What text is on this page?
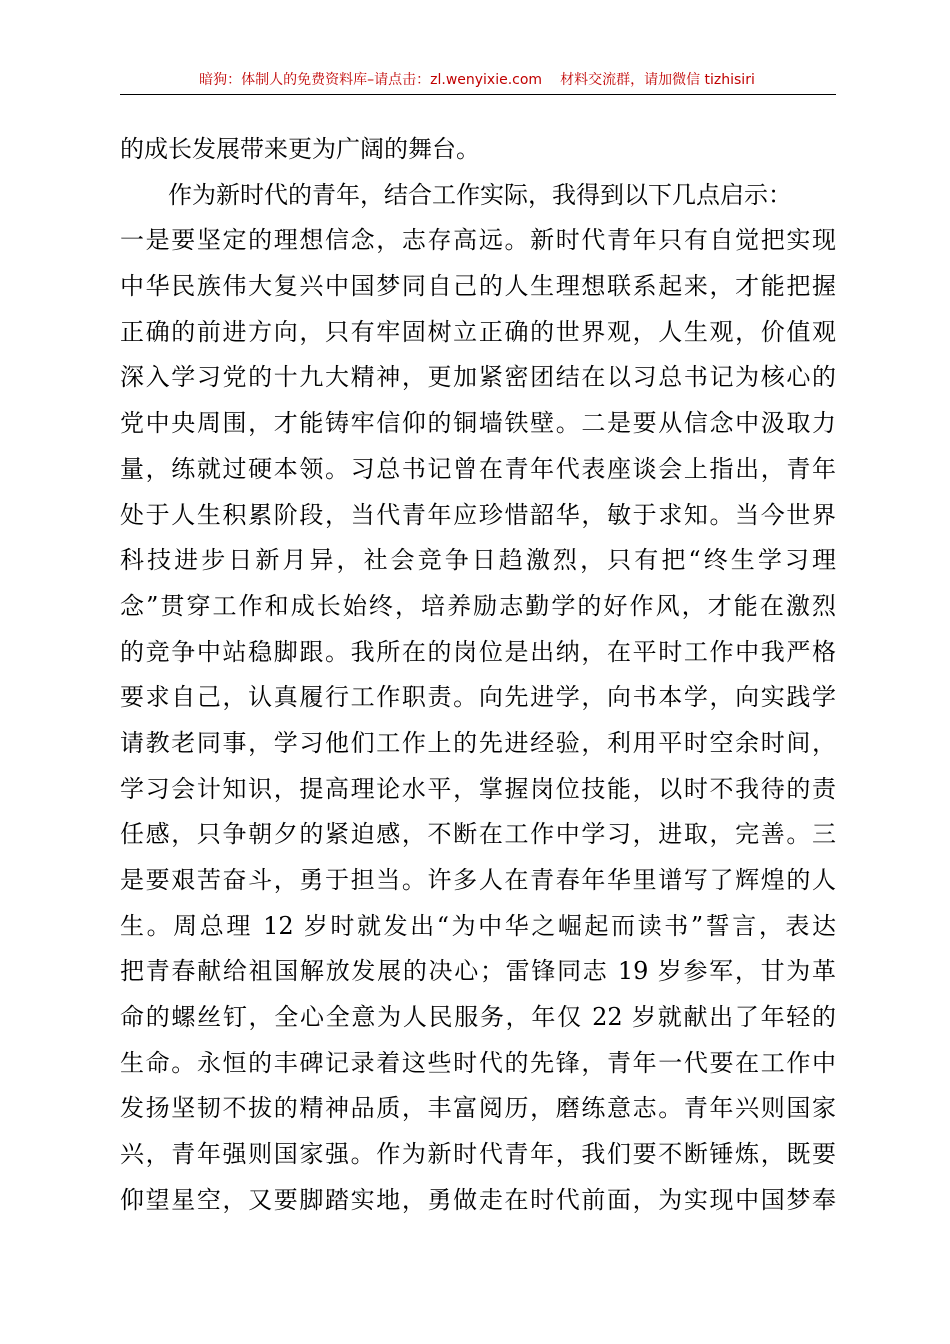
暗狗：体制人的免费资料库–请点击：zl.wenyixie.com 材料交流群，请加微信 tizhisiri
的成长发展带来更为广阔的舞台。
作为新时代的青年，结合工作实际，我得到以下几点启示：
一是要坚定的理想信念，志存高远。新时代青年只有自觉把实现
中华民族伟大复兴中国梦同自己的人生理想联系起来，才能把握
正确的前进方向，只有牢固树立正确的世界观，人生观，价值观
深入学习党的十九大精神，更加紧密团结在以习总书记为核心的
党中央周围，才能铸牢信仰的铜墙铁壁。二是要从信念中汲取力
量，练就过硬本领。习总书记曾在青年代表座谈会上指出，青年
处于人生积累阶段，当代青年应珍惜韶华，敏于求知。当今世界
科技进步日新月异，社会竞争日趋激烈，只有把“终生学习理
念”贯穿工作和成长始终，培养励志勤学的好作风，才能在激烈
的竞争中站稳脚跟。我所在的岗位是出纳，在平时工作中我严格
要求自己，认真履行工作职责。向先进学，向书本学，向实践学
请教老同事，学习他们工作上的先进经验，利用平时空余时间，
学习会计知识，提高理论水平，掌握岗位技能，以时不我待的责
任感，只争朝夕的紧迫感，不断在工作中学习，进取，完善。三
是要艰苦奋斗，勇于担当。许多人在青春年华里谱写了辉煌的人
生。周总理 12 岁时就发出“为中华之崛起而读书”誓言，表达
把青春献给祖国解放发展的决心；雷锋同志 19 岁参军，甘为革
命的螺丝钉，全心全意为人民服务，年仅 22 岁就献出了年轻的
生命。永恒的丰碑记录着这些时代的先锋，青年一代要在工作中
发扬坚韧不拔的精神品质，丰富阅历，磨练意志。青年兴则国家
兴，青年强则国家强。作为新时代青年，我们要不断锤炼，既要
仰望星空，又要脚踏实地，勇做走在时代前面，为实现中国梦奉
